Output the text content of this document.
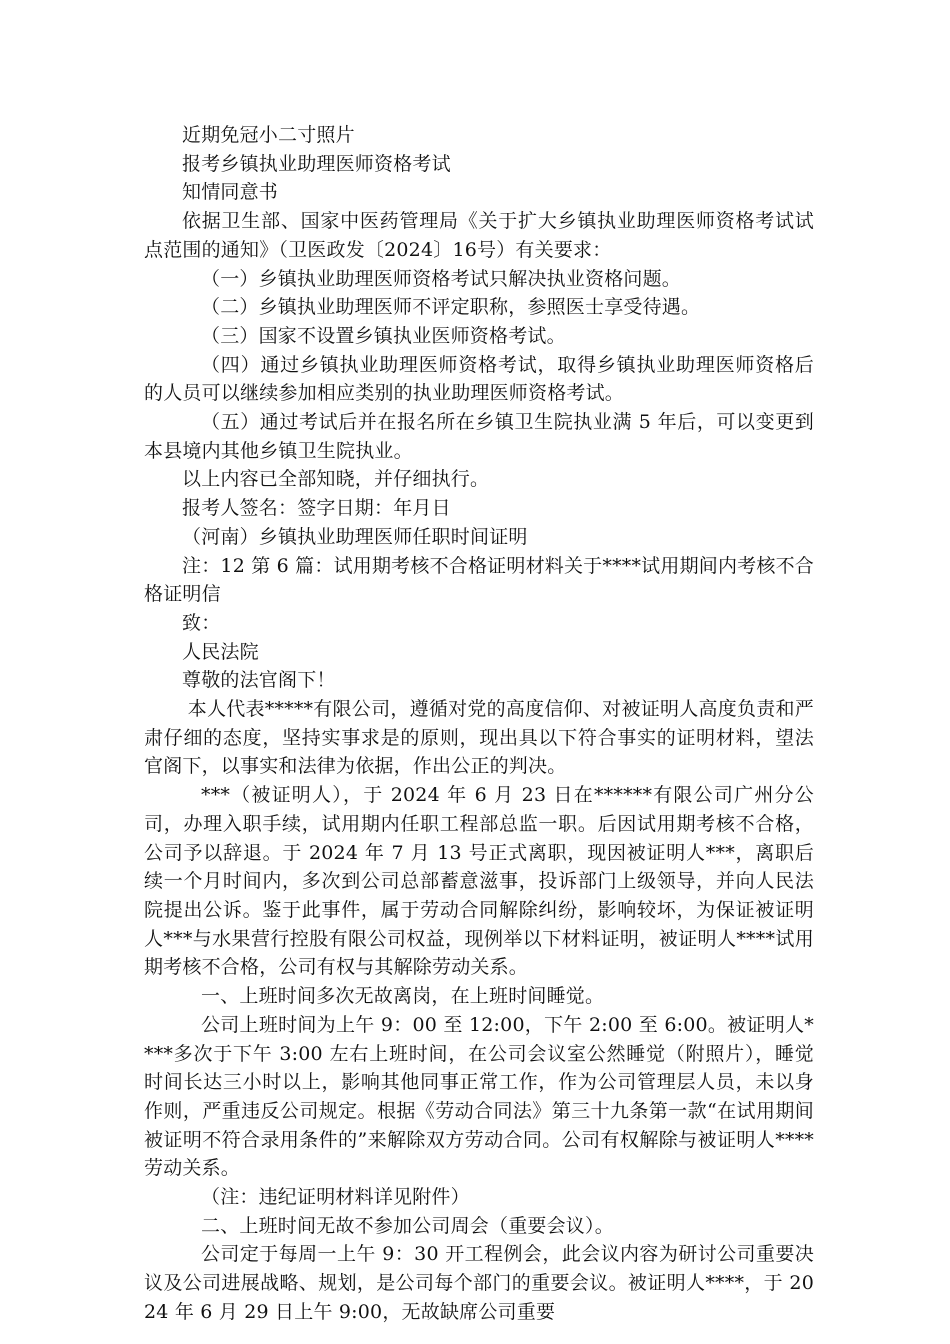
近期免冠小二寸照片

报考乡镇执业助理医师资格考试

知情同意书

依据卫生部、国家中医药管理局《关于扩大乡镇执业助理医师资格考试试点范围的通知》（卫医政发〔2024〕16号）有关要求：

（一）乡镇执业助理医师资格考试只解决执业资格问题。

（二）乡镇执业助理医师不评定职称，参照医士享受待遇。

（三）国家不设置乡镇执业医师资格考试。

（四）通过乡镇执业助理医师资格考试，取得乡镇执业助理医师资格后的人员可以继续参加相应类别的执业助理医师资格考试。

（五）通过考试后并在报名所在乡镇卫生院执业满 5 年后，可以变更到本县境内其他乡镇卫生院执业。

以上内容已全部知晓，并仔细执行。

报考人签名：签字日期：年月日

（河南）乡镇执业助理医师任职时间证明

注：12 第 6 篇：试用期考核不合格证明材料关于****试用期间内考核不合格证明信

致：

人民法院

尊敬的法官阁下！

本人代表*****有限公司，遵循对党的高度信仰、对被证明人高度负责和严肃仔细的态度，坚持实事求是的原则，现出具以下符合事实的证明材料，望法官阁下，以事实和法律为依据，作出公正的判决。

***（被证明人），于 2024 年 6 月 23 日在******有限公司广州分公司，办理入职手续，试用期内任职工程部总监一职。后因试用期考核不合格，公司予以辞退。于 2024 年 7 月 13 号正式离职，现因被证明人***，离职后续一个月时间内，多次到公司总部蓄意滋事，投诉部门上级领导，并向人民法院提出公诉。鉴于此事件，属于劳动合同解除纠纷，影响较坏，为保证被证明人***与水果营行控股有限公司权益，现例举以下材料证明，被证明人****试用期考核不合格，公司有权与其解除劳动关系。

一、上班时间多次无故离岗，在上班时间睡觉。

公司上班时间为上午 9：00 至 12:00，下午 2:00 至 6:00。被证明人****多次于下午 3:00 左右上班时间，在公司会议室公然睡觉（附照片），睡觉时间长达三小时以上，影响其他同事正常工作，作为公司管理层人员，未以身作则，严重违反公司规定。根据《劳动合同法》第三十九条第一款“在试用期间被证明不符合录用条件的”来解除双方劳动合同。公司有权解除与被证明人****劳动关系。

（注：违纪证明材料详见附件）

二、上班时间无故不参加公司周会（重要会议）。

公司定于每周一上午 9：30 开工程例会，此会议内容为研讨公司重要决议及公司进展战略、规划，是公司每个部门的重要会议。被证明人****，于 2024 年 6 月 29 日上午 9:00，无故缺席公司重要
